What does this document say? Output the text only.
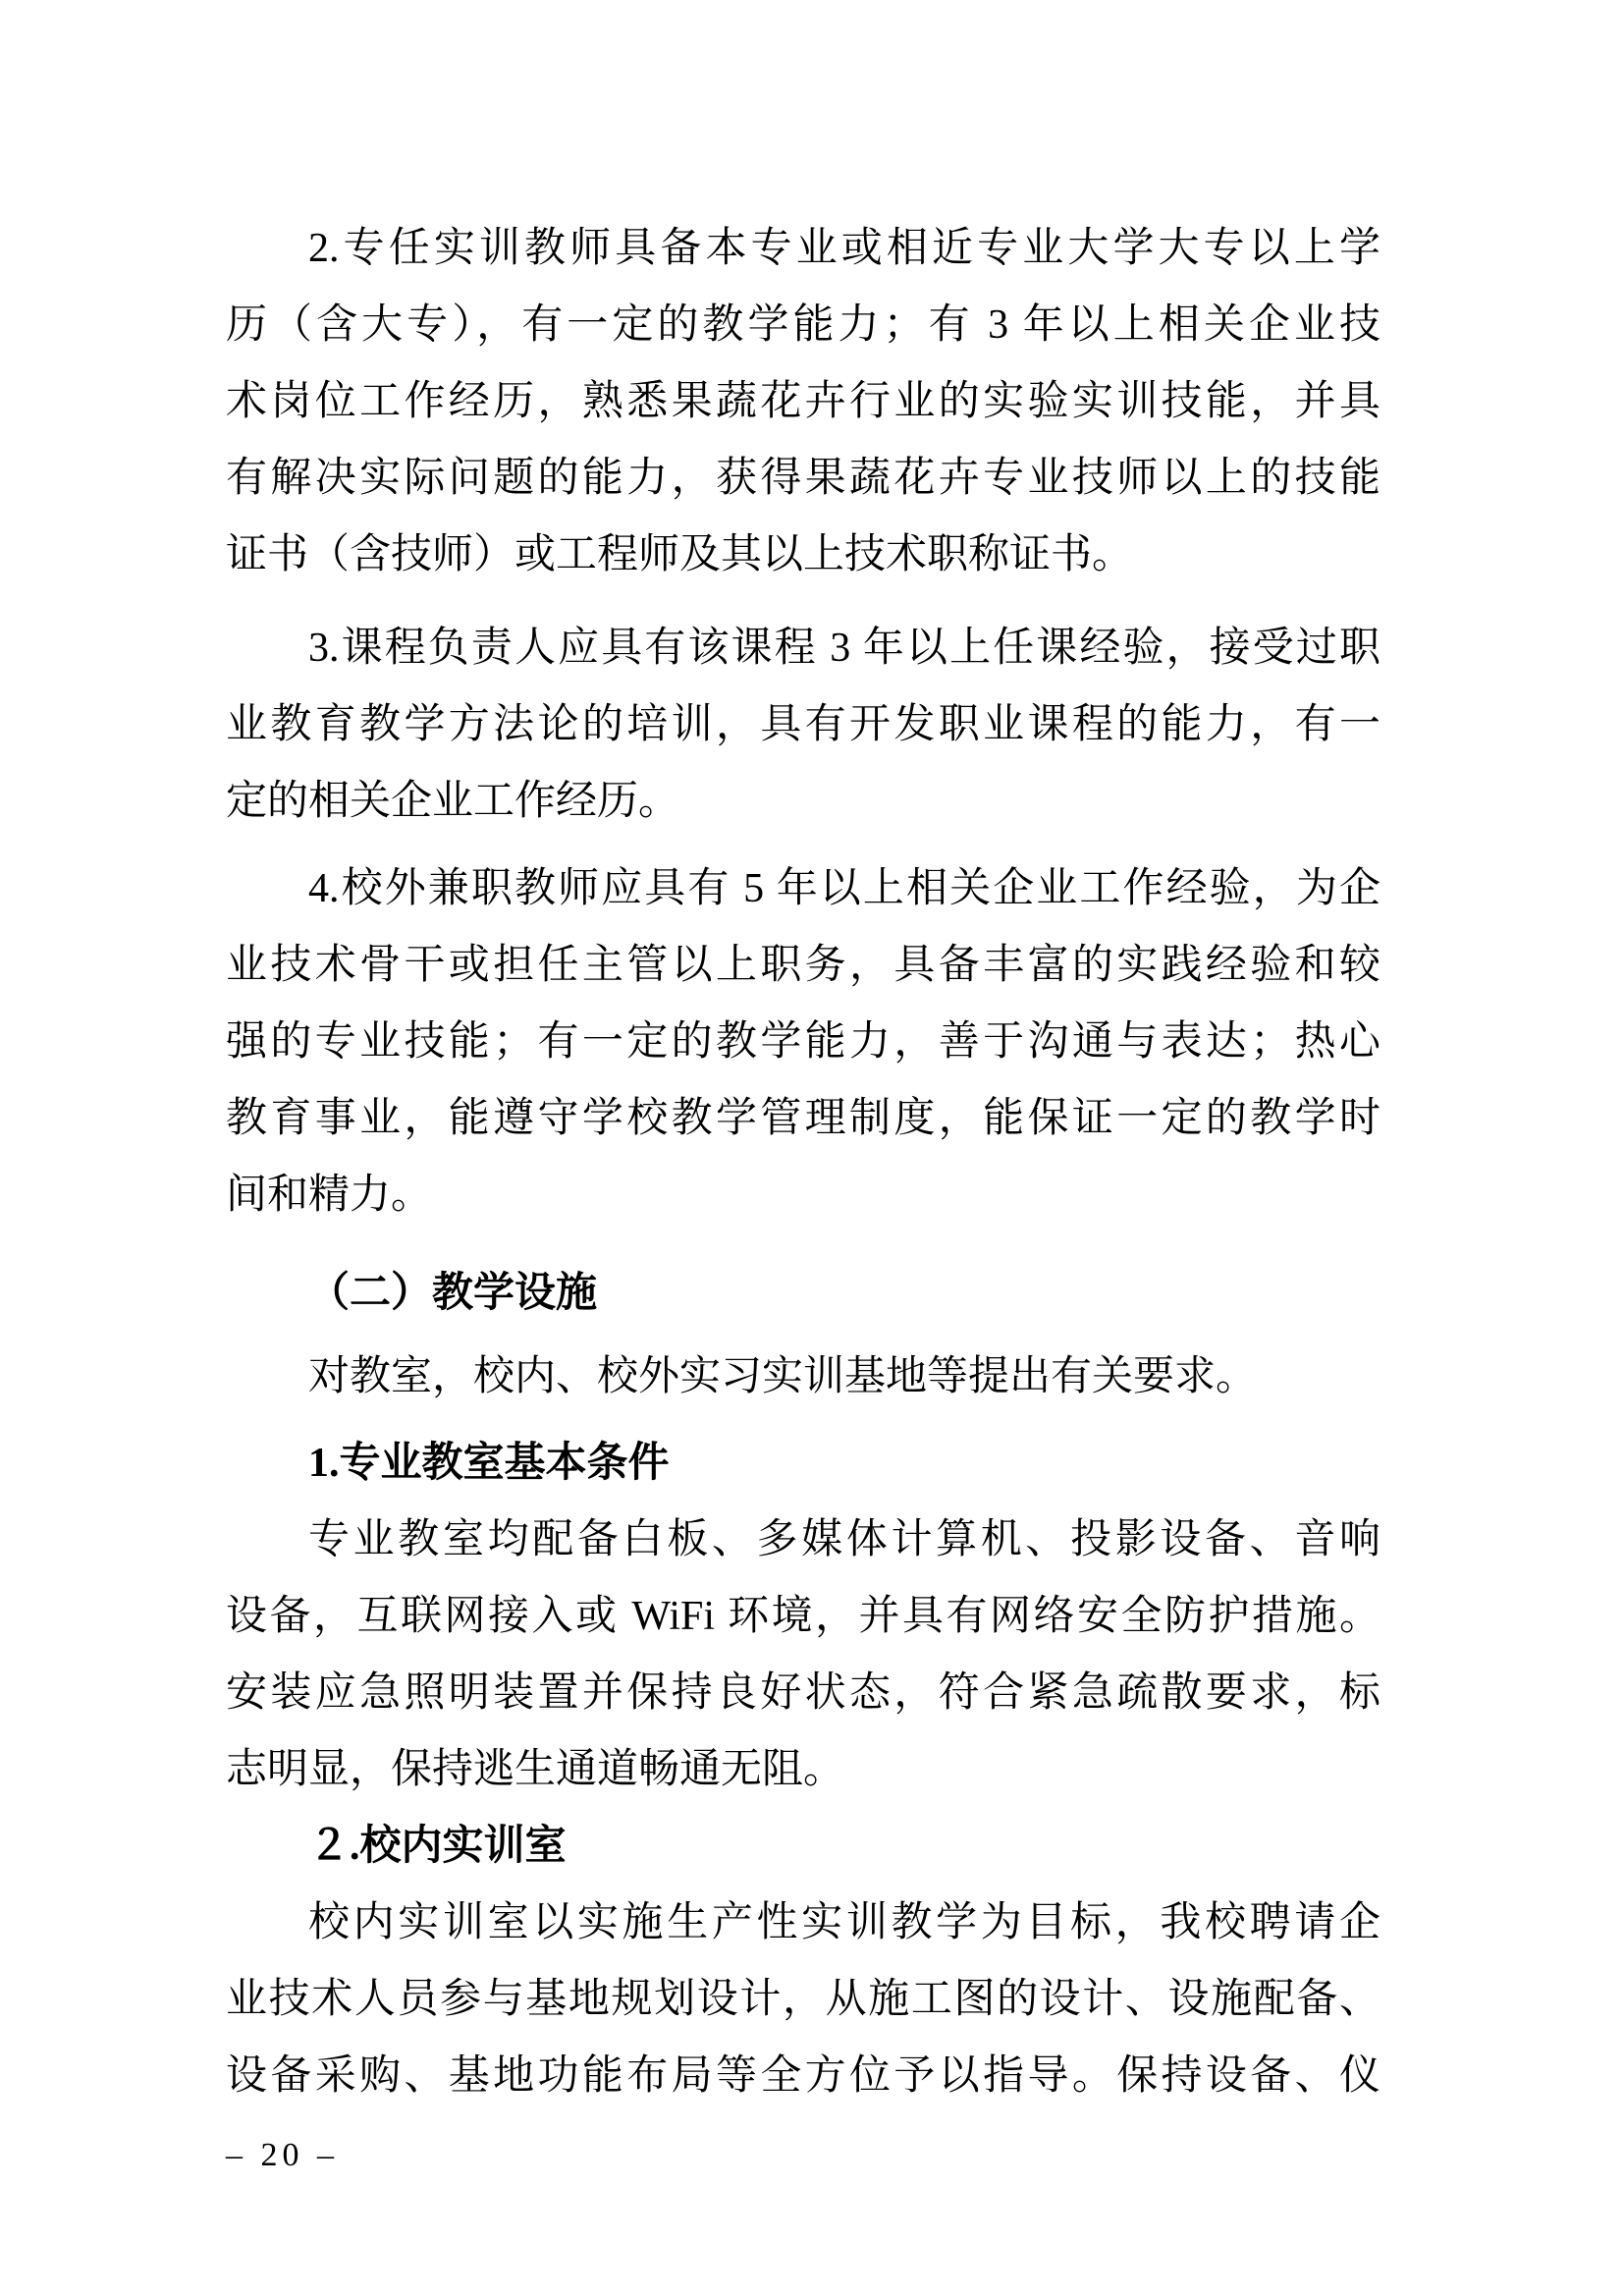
2.专任实训教师具备本专业或相近专业大学大专以上学
历（含大专），有一定的教学能力；有 3 年以上相关企业技
术岗位工作经历，熟悉果蔬花卉行业的实验实训技能，并具
有解决实际问题的能力，获得果蔬花卉专业技师以上的技能
证书（含技师）或工程师及其以上技术职称证书。
3.课程负责人应具有该课程 3 年以上任课经验，接受过职
业教育教学方法论的培训，具有开发职业课程的能力，有一
定的相关企业工作经历。
4.校外兼职教师应具有 5 年以上相关企业工作经验，为企
业技术骨干或担任主管以上职务，具备丰富的实践经验和较
强的专业技能；有一定的教学能力，善于沟通与表达；热心
教育事业，能遵守学校教学管理制度，能保证一定的教学时
间和精力。
（二）教学设施
对教室，校内、校外实习实训基地等提出有关要求。
1.专业教室基本条件
专业教室均配备白板、多媒体计算机、投影设备、音响
设备，互联网接入或 WiFi 环境，并具有网络安全防护措施。
安装应急照明装置并保持良好状态，符合紧急疏散要求，标
志明显，保持逃生通道畅通无阻。
２.校内实训室
校内实训室以实施生产性实训教学为目标，我校聘请企
业技术人员参与基地规划设计，从施工图的设计、设施配备、
设备采购、基地功能布局等全方位予以指导。保持设备、仪
– 20 –
